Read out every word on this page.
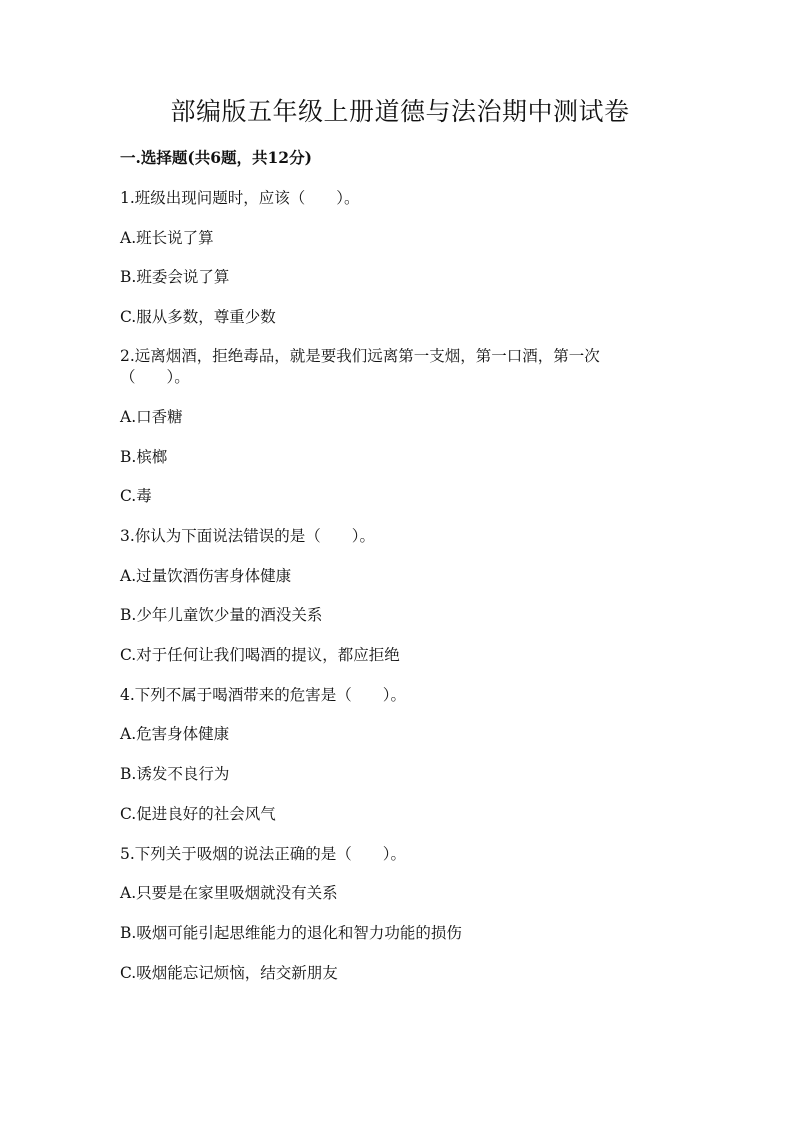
部编版五年级上册道德与法治期中测试卷
一.选择题(共6题，共12分)
1.班级出现问题时，应该（　　）。
A.班长说了算
B.班委会说了算
C.服从多数，尊重少数
2.远离烟酒，拒绝毒品，就是要我们远离第一支烟，第一口酒，第一次（　　）。
A.口香糖
B.槟榔
C.毒
3.你认为下面说法错误的是（　　）。
A.过量饮酒伤害身体健康
B.少年儿童饮少量的酒没关系
C.对于任何让我们喝酒的提议，都应拒绝
4.下列不属于喝酒带来的危害是（　　）。
A.危害身体健康
B.诱发不良行为
C.促进良好的社会风气
5.下列关于吸烟的说法正确的是（　　）。
A.只要是在家里吸烟就没有关系
B.吸烟可能引起思维能力的退化和智力功能的损伤
C.吸烟能忘记烦恼，结交新朋友
